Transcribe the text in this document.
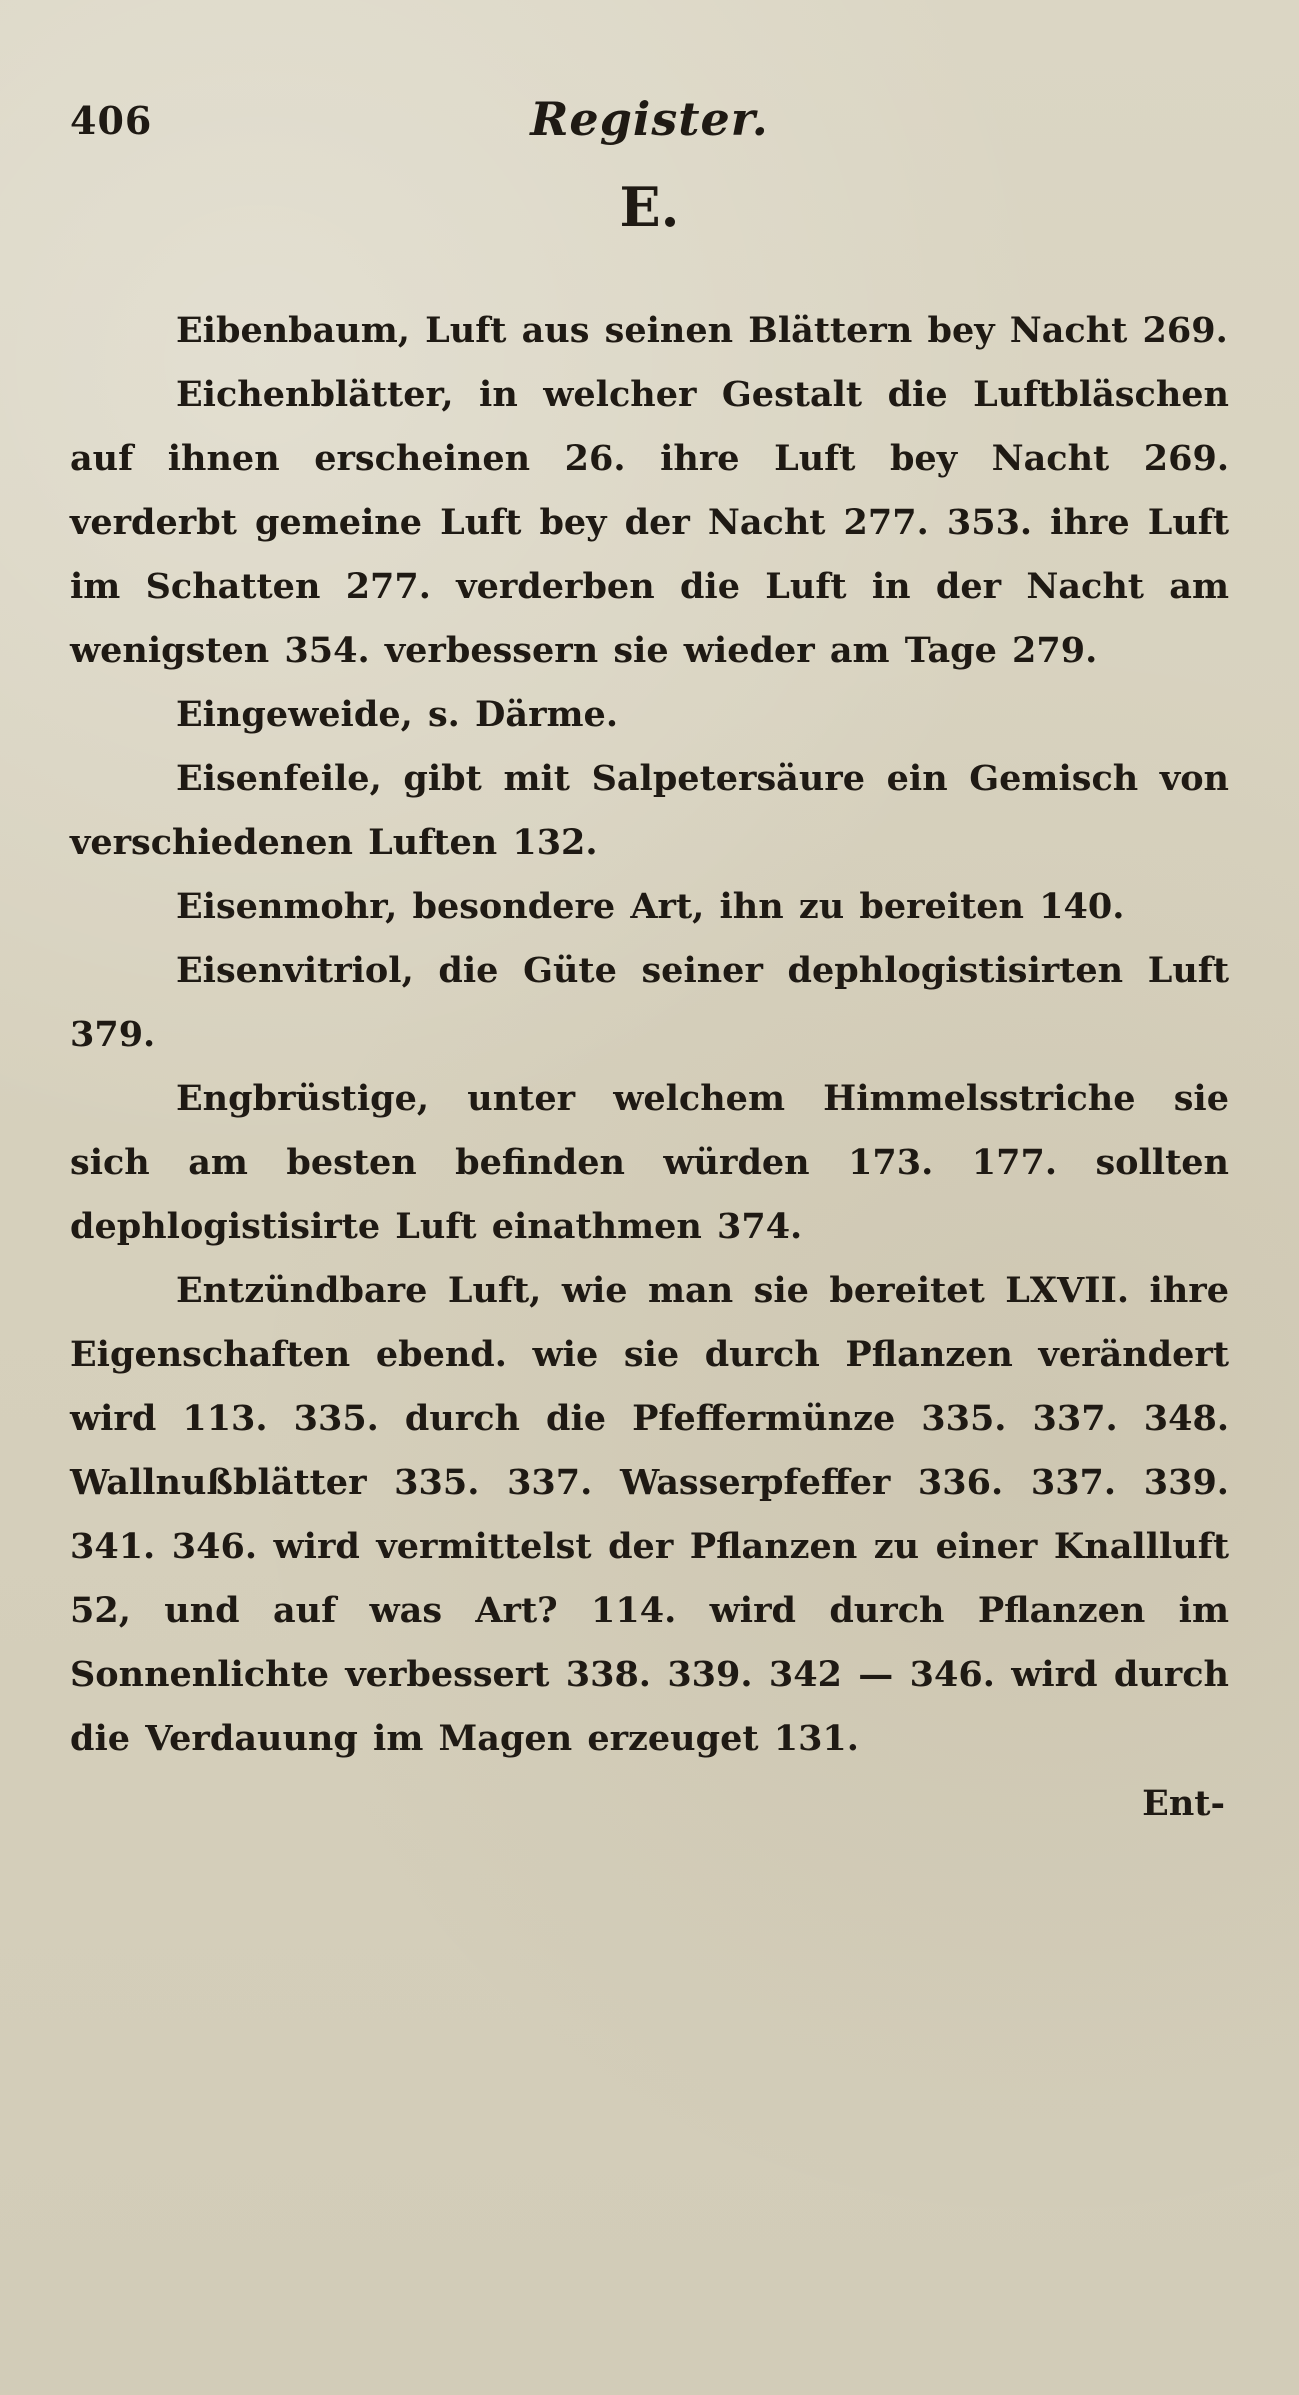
406	Register.
E.

Eibenbaum, Luft aus seinen Blättern bey Nacht 269.

Eichenblätter, in welcher Gestalt die Luftbläschen auf ihnen erscheinen 26. ihre Luft bey Nacht 269. verderbt gemeine Luft bey der Nacht 277. 353. ihre Luft im Schatten 277. verderben die Luft in der Nacht am wenigsten 354. verbessern sie wieder am Tage 279.

Eingeweide, s. Därme.

Eisenfeile, gibt mit Salpetersäure ein Gemisch von verschiedenen Luften 132.

Eisenmohr, besondere Art, ihn zu bereiten 140.

Eisenvitriol, die Güte seiner dephlogistisirten Luft 379.

Engbrüstige, unter welchem Himmelsstriche sie sich am besten befinden würden 173. 177. sollten dephlogistisirte Luft einathmen 374.

Entzündbare Luft, wie man sie bereitet LXVII. ihre Eigenschaften ebend. wie sie durch Pflanzen verändert wird 113. 335. durch die Pfeffermünze 335. 337. 348. Wallnußblätter 335. 337. Wasserpfeffer 336. 337. 339. 341. 346. wird vermittelst der Pflanzen zu einer Knallluft 52, und auf was Art? 114. wird durch Pflanzen im Sonnenlichte verbessert 338. 339. 342 — 346. wird durch die Verdauung im Magen erzeuget 131.

Ent-
